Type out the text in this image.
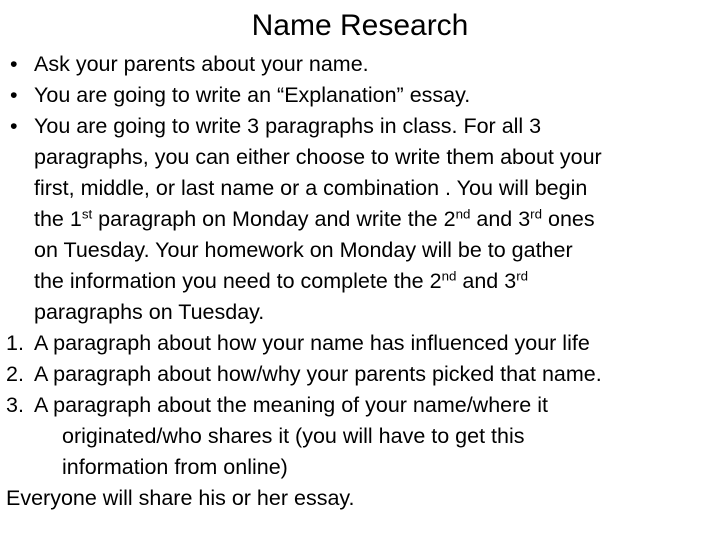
Name Research
• Ask your parents about your name.
• You are going to write an “Explanation” essay.
• You are going to write 3 paragraphs in class. For all 3
paragraphs, you can either choose to write them about your
first, middle, or last name or a combination . You will begin
the 1st paragraph on Monday and write the 2nd and 3rd ones
on Tuesday. Your homework on Monday will be to gather
the information you need to complete the 2nd and 3rd
paragraphs on Tuesday.
1. A paragraph about how your name has influenced your life
2. A paragraph about how/why your parents picked that name.
3. A paragraph about the meaning of your name/where it
originated/who shares it (you will have to get this
information from online)
Everyone will share his or her essay.
